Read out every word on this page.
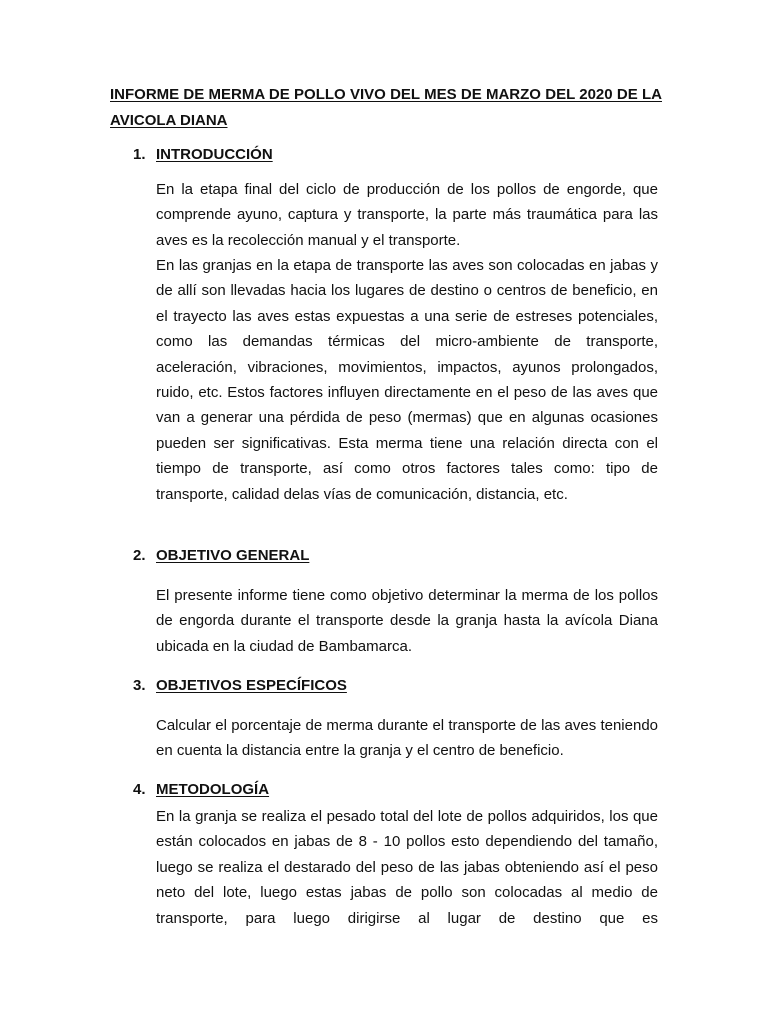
INFORME DE MERMA DE POLLO VIVO DEL MES DE MARZO DEL 2020 DE LA AVICOLA DIANA
1. INTRODUCCIÓN

En la etapa final del ciclo de producción de los pollos de engorde, que comprende ayuno, captura y transporte, la parte más traumática para las aves es la recolección manual y el transporte.

En las granjas en la etapa de transporte las aves son colocadas en jabas y de allí son llevadas hacia los lugares de destino o centros de beneficio, en el trayecto las aves estas expuestas a una serie de estreses potenciales, como las demandas térmicas del micro-ambiente de transporte, aceleración, vibraciones, movimientos, impactos, ayunos prolongados, ruido, etc. Estos factores influyen directamente en el peso de las aves que van a generar una pérdida de peso (mermas) que en algunas ocasiones pueden ser significativas. Esta merma tiene una relación directa con el tiempo de transporte, así como otros factores tales como: tipo de transporte, calidad delas vías de comunicación, distancia, etc.

2. OBJETIVO GENERAL

El presente informe tiene como objetivo determinar la merma de los pollos de engorda durante el transporte desde la granja hasta la avícola Diana ubicada en la ciudad de Bambamarca.

3. OBJETIVOS ESPECÍFICOS

Calcular el porcentaje de merma durante el transporte de las aves teniendo en cuenta la distancia entre la granja y el centro de beneficio.

4. METODOLOGÍA

En la granja se realiza el pesado total del lote de pollos adquiridos, los que están colocados en jabas de 8 - 10 pollos esto dependiendo del tamaño, luego se realiza el destarado del peso de las jabas obteniendo así el peso neto del lote, luego estas jabas de pollo son colocadas al medio de transporte, para luego dirigirse al lugar de destino que es
